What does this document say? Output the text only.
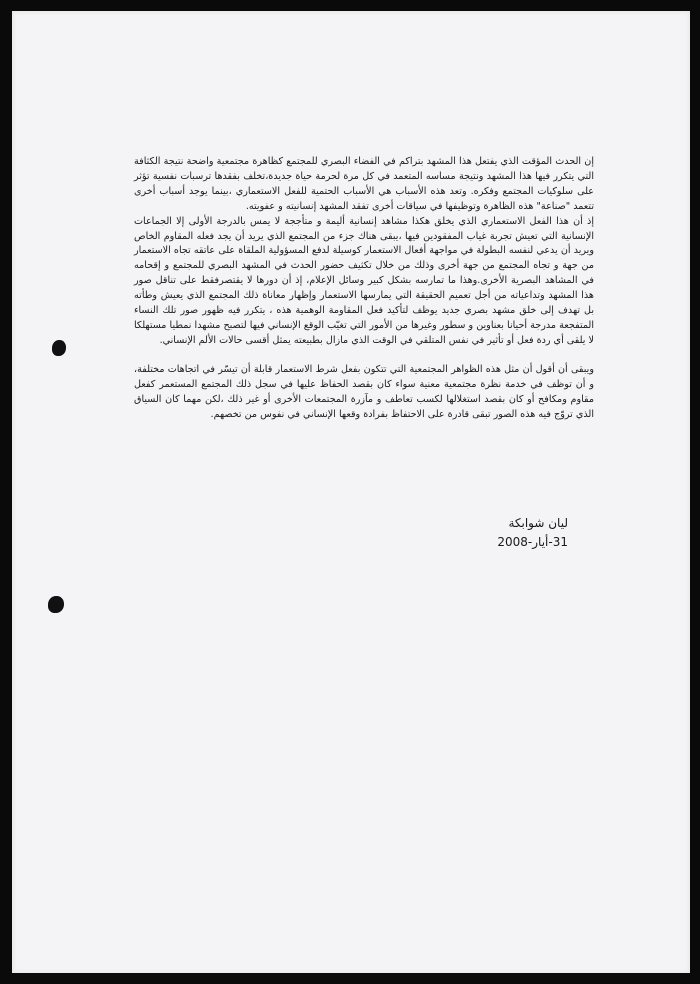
إن الحدث المؤقت الذي يفتعل هذا المشهد بتراكم في الفضاء البصري للمجتمع كظاهرة مجتمعية واضحة نتيجة الكثافة التي يتكرر فيها هذا المشهد ونتيجة مساسه المتعمد في كل مرة لحرمة حياة جديدة،تخلف بفقدها ترسبات نفسية تؤثر على سلوكيات المجتمع وفكره. وتعد هذه الأسباب هي الأسباب الحتمية للفعل الاستعماري ،بينما يوجد أسباب أخرى تتعمد "صناعة" هذه الظاهرة وتوظيفها في سياقات أخرى تفقد المشهد إنسانيته و عفويته.

إذ أن هذا الفعل الاستعماري الذي يخلق هكذا مشاهد إنسانية أليمة و متأججة لا يمس بالدرجة الأولى إلا الجماعات الإنسانية التي تعيش تجربة غياب المفقودين فيها ،يبقى هناك جزء من المجتمع الذي يريد أن يجد فعله المقاوم الخاص ويريد أن يدعي لنفسه البطولة في مواجهة أفعال الاستعمار كوسيلة لدفع المسؤولية الملقاة على عاتقه تجاه الاستعمار من جهة و تجاه المجتمع من جهة أخرى وذلك من خلال تكثيف حضور الحدث في المشهد البصري للمجتمع و إقحامه في المشاهد البصرية الأخرى.وهذا ما تمارسه بشكل كبير وسائل الإعلام، إذ أن دورها لا يقتصرفقط على تناقل صور هذا المشهد وتداعياته من أجل تعميم الحقيقة التي يمارسها الاستعمار وإظهار معاناة ذلك المجتمع الذي يعيش وطأته بل تهدف إلى خلق مشهد بصري جديد يوظف لتأكيد فعل المقاومة الوهمية هذه ، يتكرر فيه ظهور صور تلك النساء المتفجعة مدرجة أحيانا بعناوين و سطور وغيرها من الأمور التي تغيّب الوقع الإنساني فيها لتصبح مشهدا نمطيا مستهلكا لا يلقى أي ردة فعل أو تأثير في نفس المتلقي في الوقت الذي مازال بطبيعته يمثل أقسى حالات الألم الإنساني.

ويبقى أن أقول أن مثل هذه الظواهر المجتمعية التي تتكون بفعل شرط الاستعمار قابلة أن تيسّر في اتجاهات مختلفة، و أن توظف في خدمة نظرة مجتمعية معنية سواء كان بقصد الحفاظ عليها في سجل ذلك المجتمع المستعمر كفعل مقاوم ومكافح أو كان بقصد استغلالها لكسب تعاطف و مآزرة المجتمعات الأخرى أو غير ذلك ،لكن مهما كان السياق الذي تروّج فيه هذه الصور تبقى قادرة على الاحتفاظ بفرادة وقعها الإنساني في نفوس من تخصهم.

ليان شوابكة
31-أيار-2008
